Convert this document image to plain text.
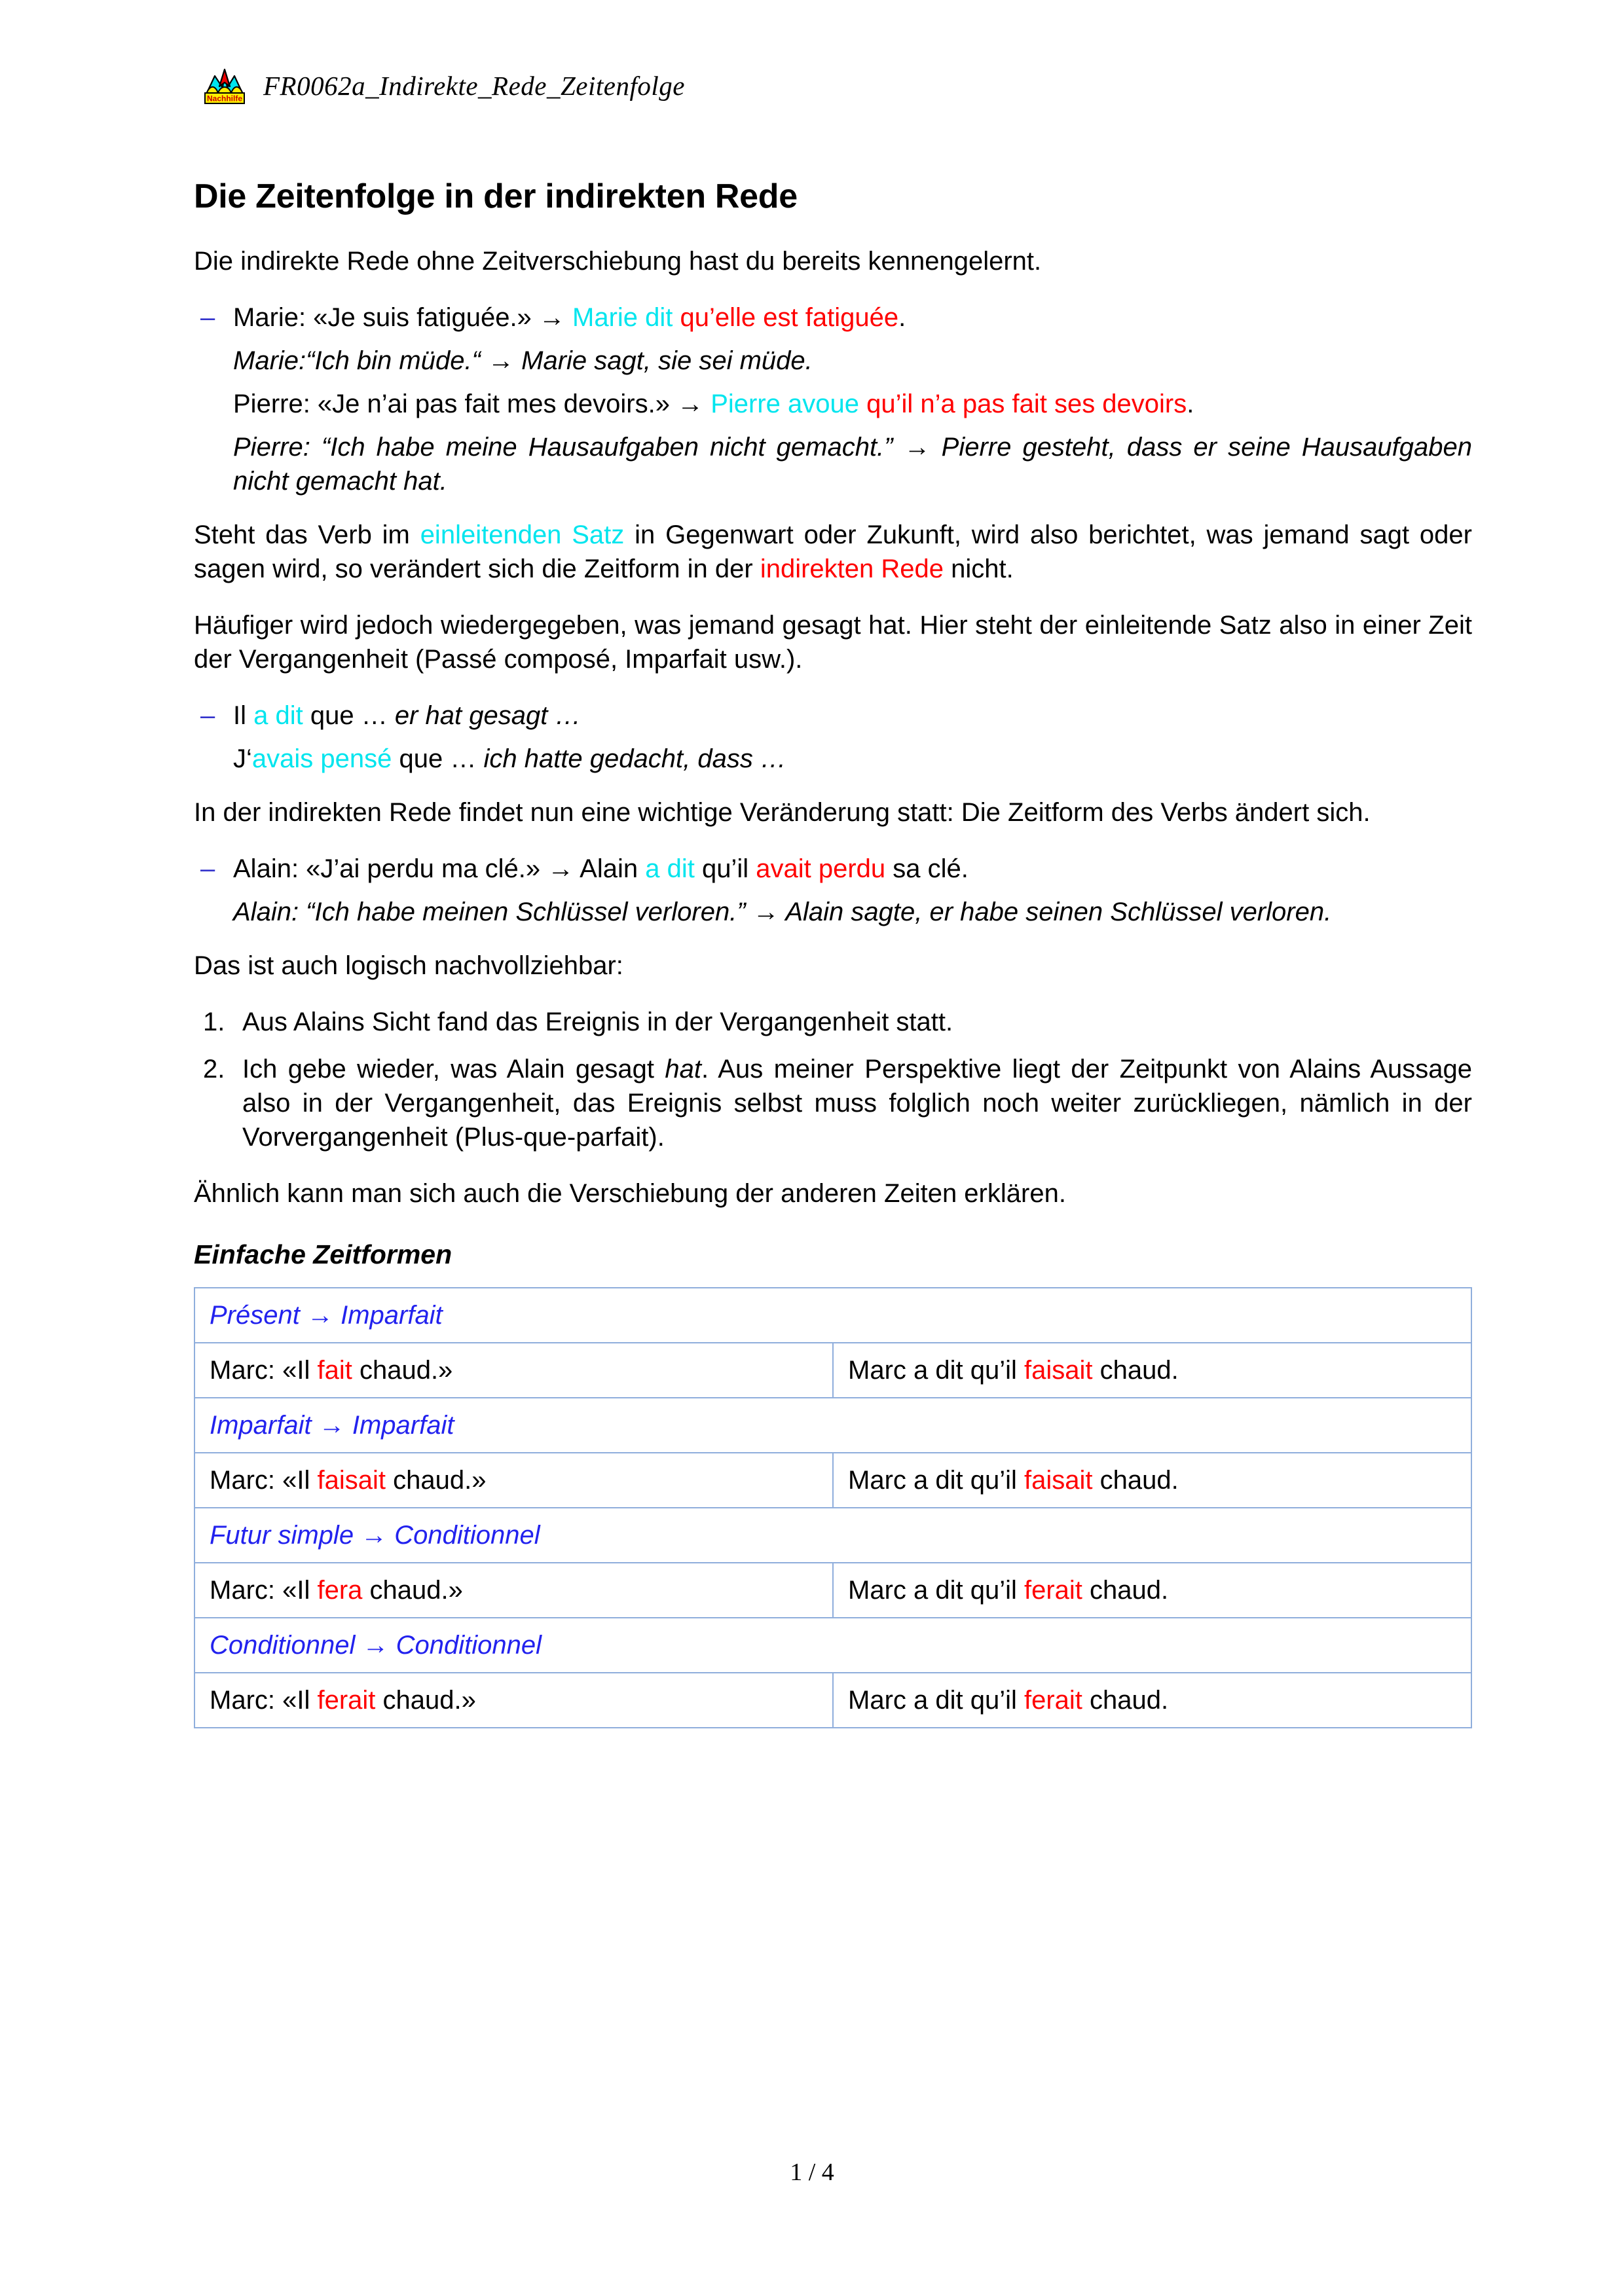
Nachhilfe FR0062a_Indirekte_Rede_Zeitenfolge
Die Zeitenfolge in der indirekten Rede

Die indirekte Rede ohne Zeitverschiebung hast du bereits kennengelernt.

– Marie: «Je suis fatiguée.» → Marie dit qu’elle est fatiguée.
Marie:“Ich bin müde.“ → Marie sagt, sie sei müde.
Pierre: «Je n’ai pas fait mes devoirs.» → Pierre avoue qu’il n’a pas fait ses devoirs.
Pierre: “Ich habe meine Hausaufgaben nicht gemacht.” → Pierre gesteht, dass er seine Hausaufgaben nicht gemacht hat.

Steht das Verb im einleitenden Satz in Gegenwart oder Zukunft, wird also berichtet, was jemand sagt oder sagen wird, so verändert sich die Zeitform in der indirekten Rede nicht.

Häufiger wird jedoch wiedergegeben, was jemand gesagt hat. Hier steht der einleitende Satz also in einer Zeit der Vergangenheit (Passé composé, Imparfait usw.).

– Il a dit que … er hat gesagt …
J‘avais pensé que … ich hatte gedacht, dass …

In der indirekten Rede findet nun eine wichtige Veränderung statt: Die Zeitform des Verbs ändert sich.

– Alain: «J’ai perdu ma clé.» → Alain a dit qu’il avait perdu sa clé.
Alain: “Ich habe meinen Schlüssel verloren.” → Alain sagte, er habe seinen Schlüssel verloren.

Das ist auch logisch nachvollziehbar:

Aus Alains Sicht fand das Ereignis in der Vergangenheit statt.
Ich gebe wieder, was Alain gesagt hat. Aus meiner Perspektive liegt der Zeitpunkt von Alains Aussage also in der Vergangenheit, das Ereignis selbst muss folglich noch weiter zurückliegen, nämlich in der Vorvergangenheit (Plus-que-parfait).

Ähnlich kann man sich auch die Verschiebung der anderen Zeiten erklären.

Einfache Zeitformen
Présent → Imparfait	
Marc: «Il fait chaud.»	Marc a dit qu’il faisait chaud.
Imparfait → Imparfait	
Marc: «Il faisait chaud.»	Marc a dit qu’il faisait chaud.
Futur simple → Conditionnel	
Marc: «Il fera chaud.»	Marc a dit qu’il ferait chaud.
Conditionnel → Conditionnel	
Marc: «Il ferait chaud.»	Marc a dit qu’il ferait chaud.
1 / 4
